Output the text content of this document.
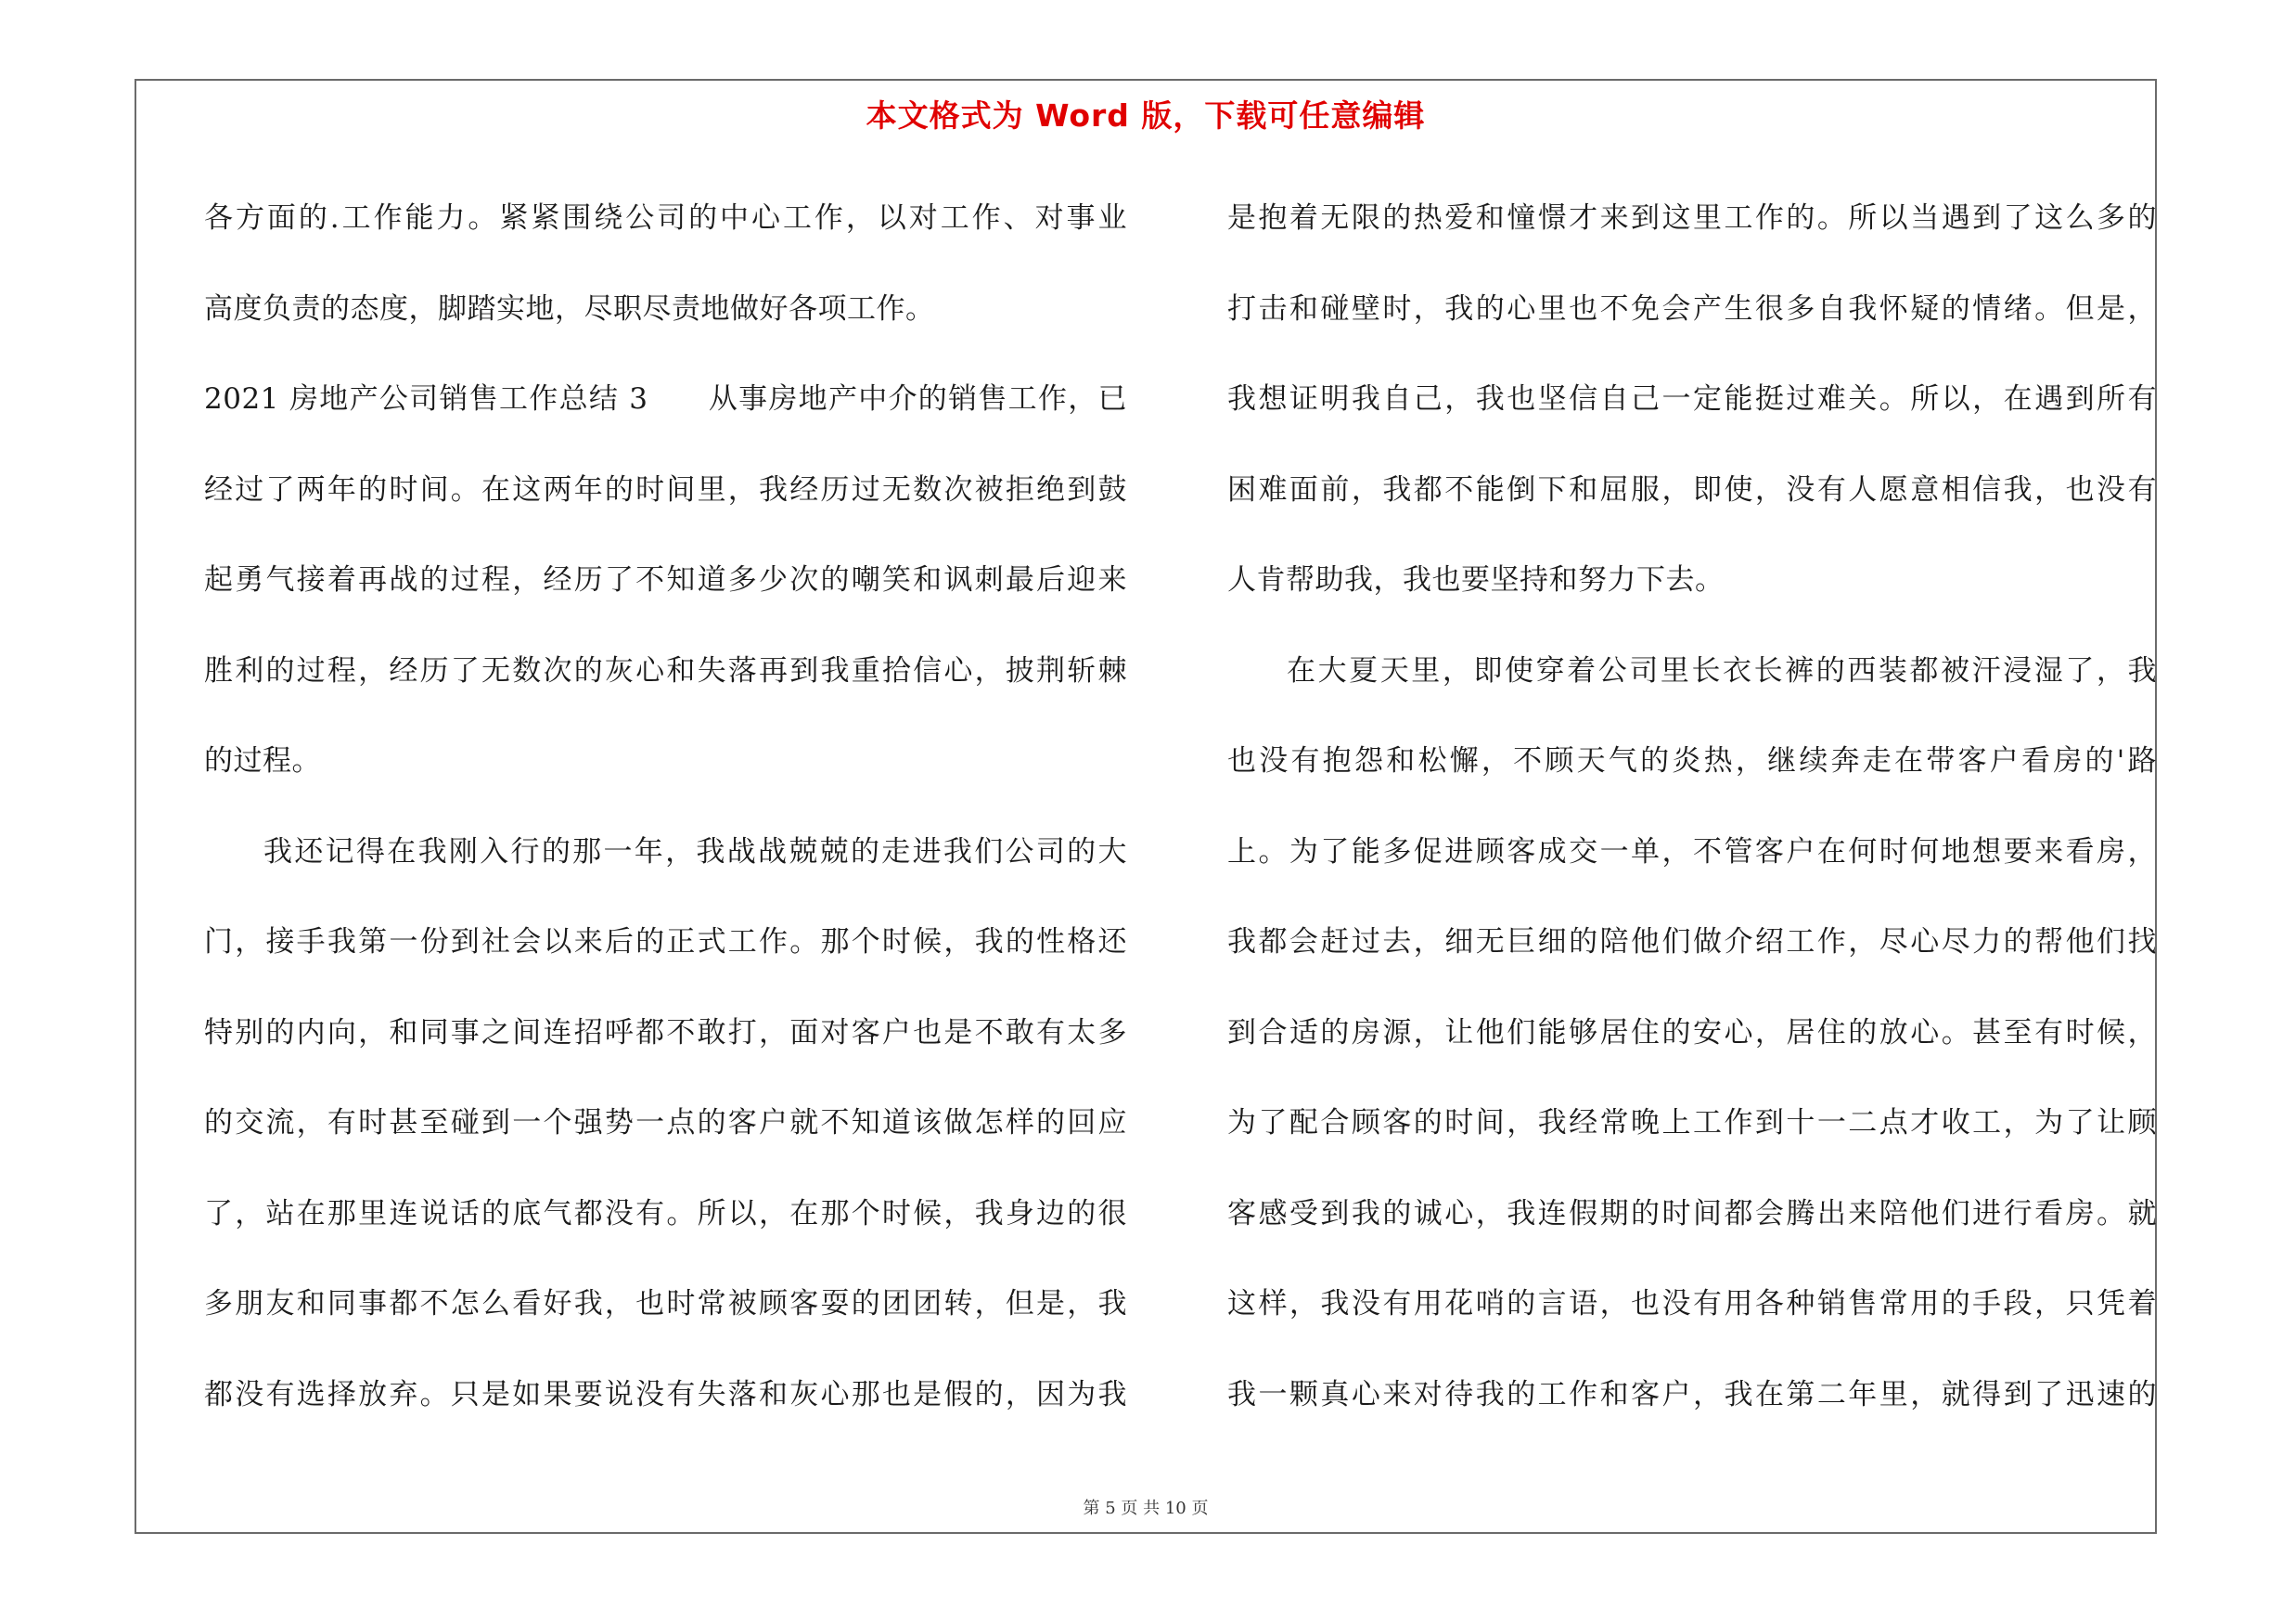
本文格式为 Word 版，下载可任意编辑
各方面的.工作能力。紧紧围绕公司的中心工作，以对工作、对事业
高度负责的态度，脚踏实地，尽职尽责地做好各项工作。
2021 房地产公司销售工作总结 3　　从事房地产中介的销售工作，已
经过了两年的时间。在这两年的时间里，我经历过无数次被拒绝到鼓
起勇气接着再战的过程，经历了不知道多少次的嘲笑和讽刺最后迎来
胜利的过程，经历了无数次的灰心和失落再到我重拾信心，披荆斩棘
的过程。
我还记得在我刚入行的那一年，我战战兢兢的走进我们公司的大
门，接手我第一份到社会以来后的正式工作。那个时候，我的性格还
特别的内向，和同事之间连招呼都不敢打，面对客户也是不敢有太多
的交流，有时甚至碰到一个强势一点的客户就不知道该做怎样的回应
了，站在那里连说话的底气都没有。所以，在那个时候，我身边的很
多朋友和同事都不怎么看好我，也时常被顾客耍的团团转，但是，我
都没有选择放弃。只是如果要说没有失落和灰心那也是假的，因为我
是抱着无限的热爱和憧憬才来到这里工作的。所以当遇到了这么多的
打击和碰壁时，我的心里也不免会产生很多自我怀疑的情绪。但是，
我想证明我自己，我也坚信自己一定能挺过难关。所以，在遇到所有
困难面前，我都不能倒下和屈服，即使，没有人愿意相信我，也没有
人肯帮助我，我也要坚持和努力下去。
在大夏天里，即使穿着公司里长衣长裤的西装都被汗浸湿了，我
也没有抱怨和松懈，不顾天气的炎热，继续奔走在带客户看房的'路
上。为了能多促进顾客成交一单，不管客户在何时何地想要来看房，
我都会赶过去，细无巨细的陪他们做介绍工作，尽心尽力的帮他们找
到合适的房源，让他们能够居住的安心，居住的放心。甚至有时候，
为了配合顾客的时间，我经常晚上工作到十一二点才收工，为了让顾
客感受到我的诚心，我连假期的时间都会腾出来陪他们进行看房。就
这样，我没有用花哨的言语，也没有用各种销售常用的手段，只凭着
我一颗真心来对待我的工作和客户，我在第二年里，就得到了迅速的
第 5 页 共 10 页
